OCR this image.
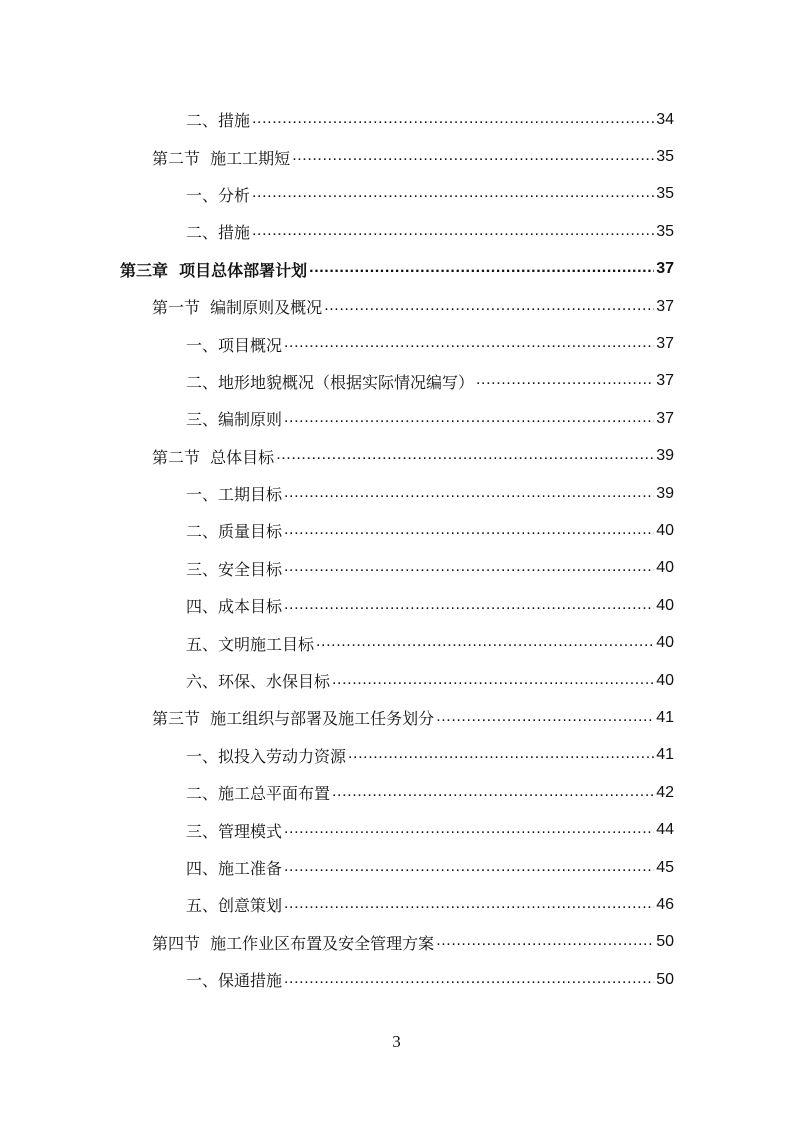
二、措施 .....	34
第二节  施工工期短 .....	35
一、分析 .....	35
二、措施 .....	35
第三章  项目总体部署计划 .....	37
第一节  编制原则及概况 .....	37
一、项目概况 .....	37
二、地形地貌概况（根据实际情况编写） .....	37
三、编制原则 .....	37
第二节  总体目标 .....	39
一、工期目标 .....	39
二、质量目标 .....	40
三、安全目标 .....	40
四、成本目标 .....	40
五、文明施工目标 .....	40
六、环保、水保目标 .....	40
第三节  施工组织与部署及施工任务划分 .....	41
一、拟投入劳动力资源 .....	41
二、施工总平面布置 .....	42
三、管理模式 .....	44
四、施工准备 .....	45
五、创意策划 .....	46
第四节  施工作业区布置及安全管理方案 .....	50
一、保通措施 .....	50
3
